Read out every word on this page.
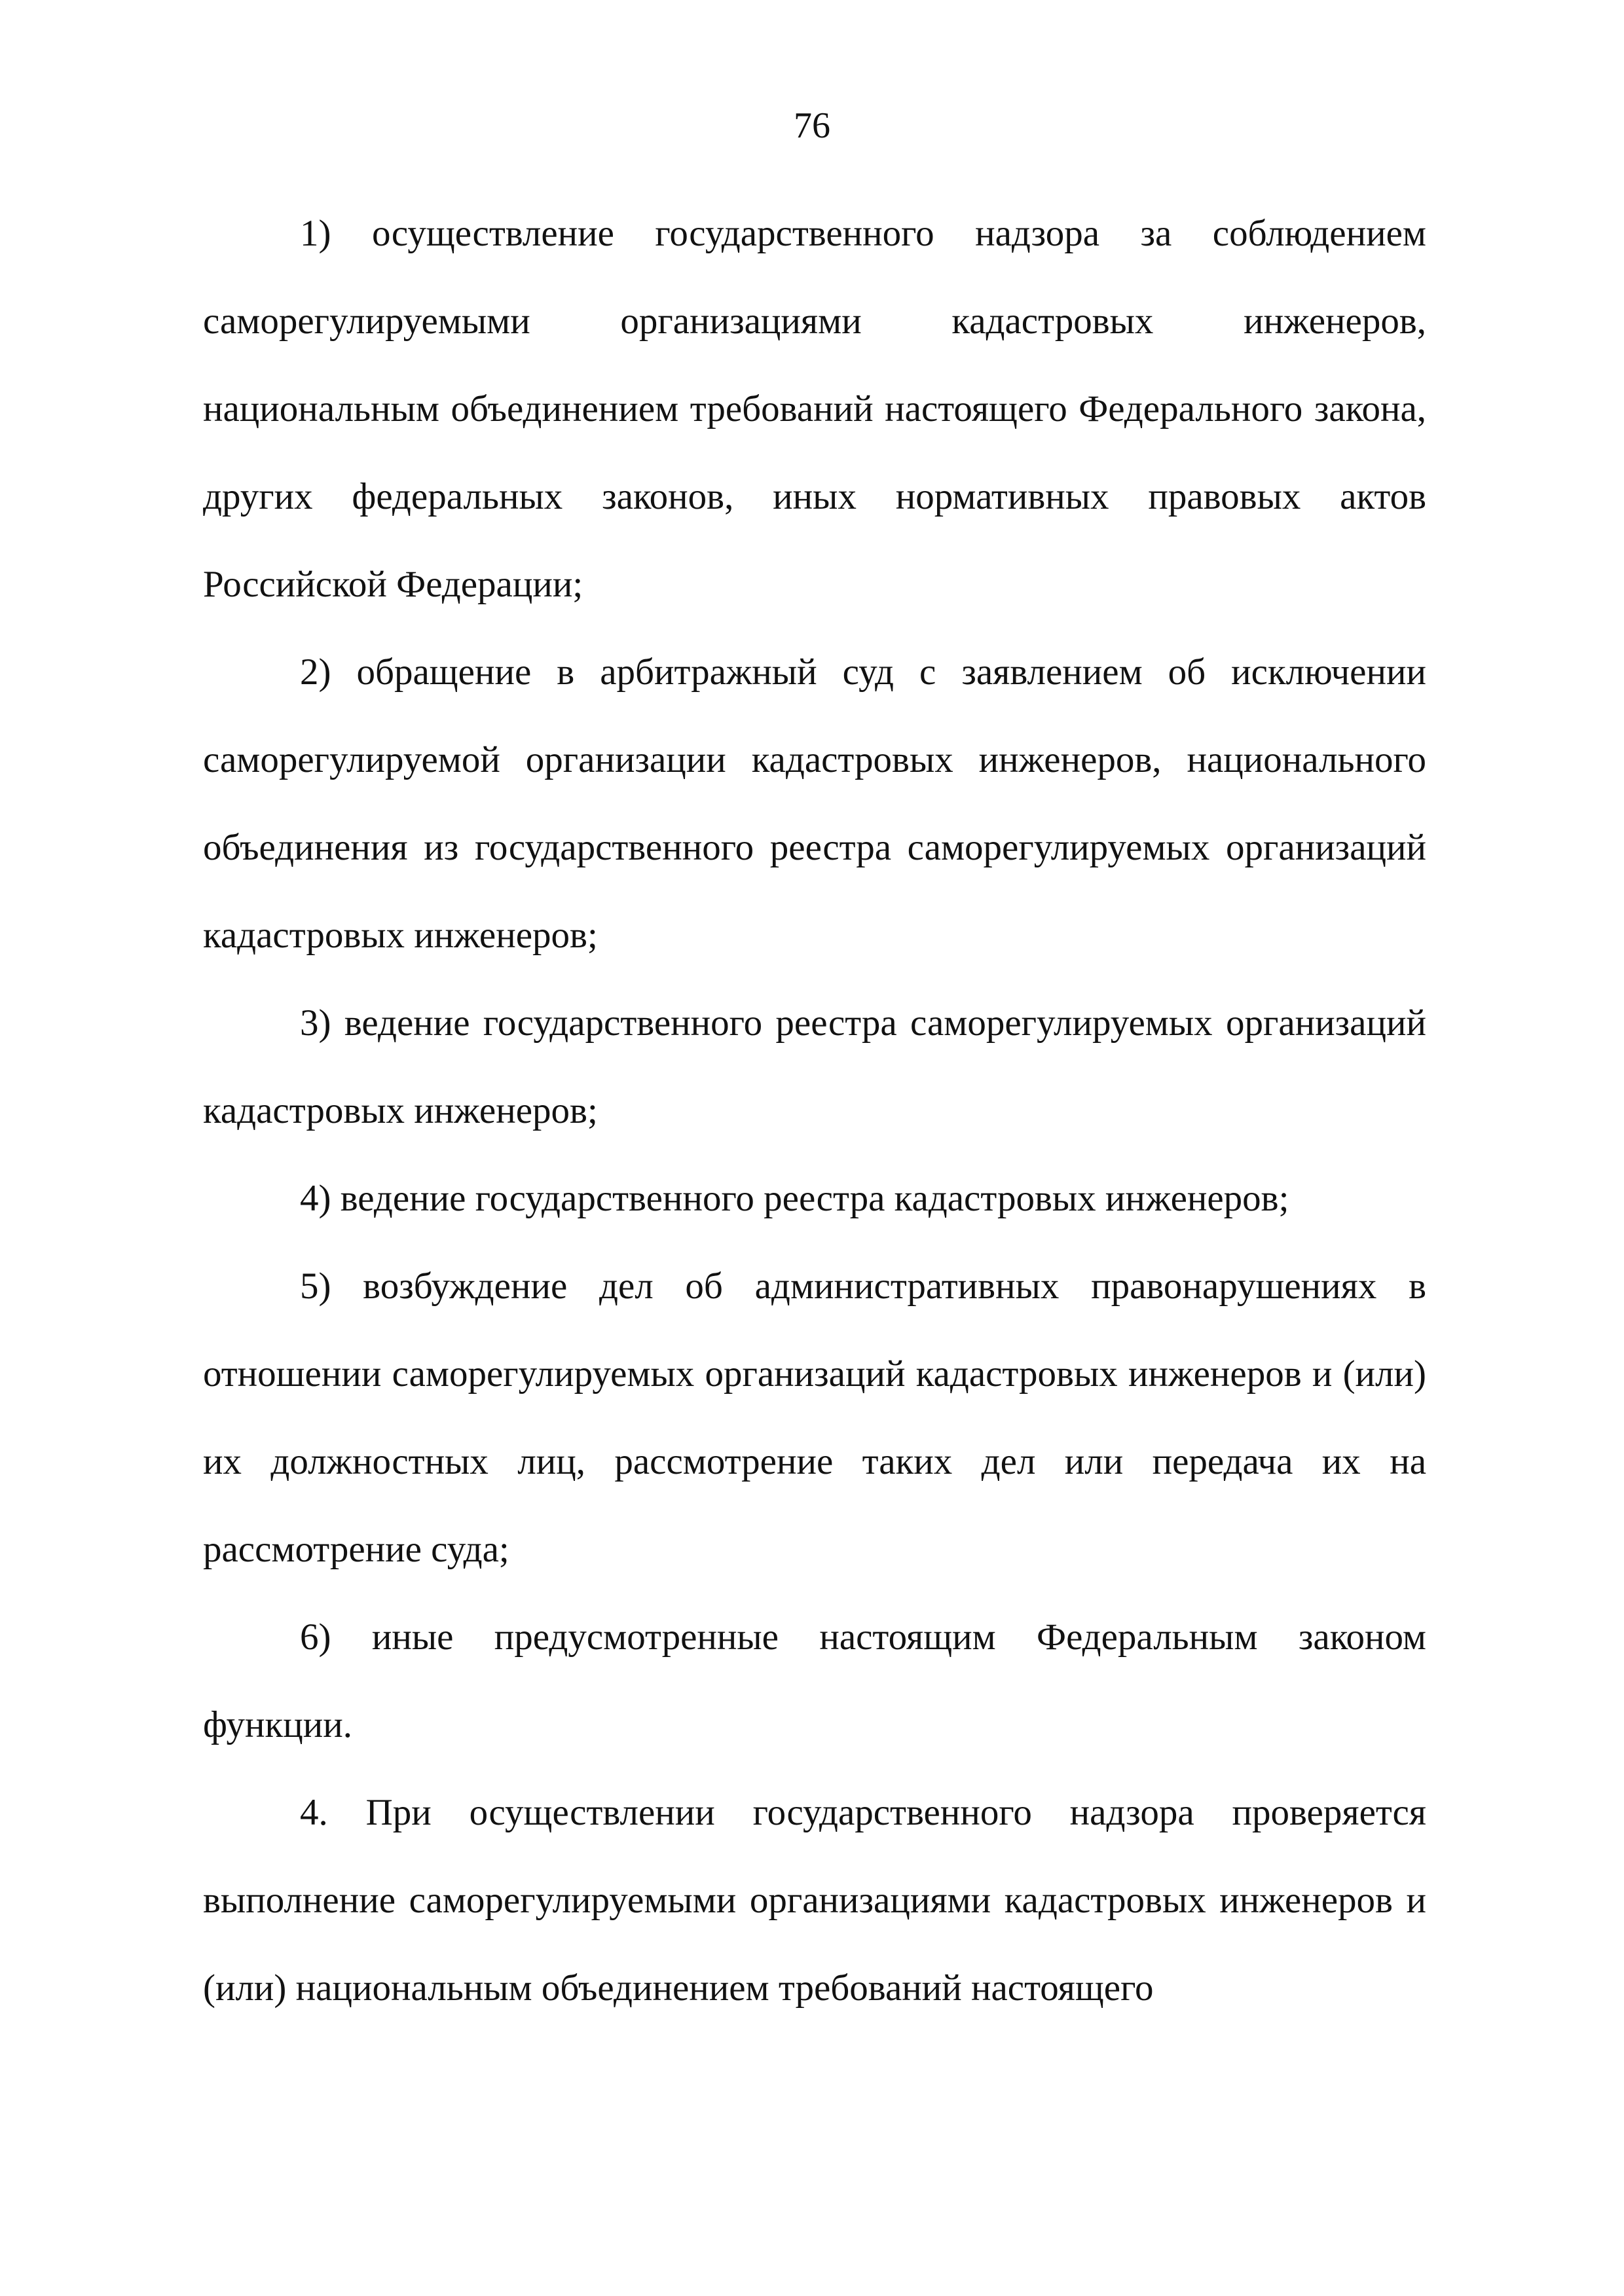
76

1) осуществление государственного надзора за соблюдением саморегулируемыми организациями кадастровых инженеров, национальным объединением требований настоящего Федерального закона, других федеральных законов, иных нормативных правовых актов Российской Федерации;

2) обращение в арбитражный суд с заявлением об исключении саморегулируемой организации кадастровых инженеров, национального объединения из государственного реестра саморегулируемых организаций кадастровых инженеров;

3) ведение государственного реестра саморегулируемых организаций кадастровых инженеров;

4) ведение государственного реестра кадастровых инженеров;

5) возбуждение дел об административных правонарушениях в отношении саморегулируемых организаций кадастровых инженеров и (или) их должностных лиц, рассмотрение таких дел или передача их на рассмотрение суда;

6) иные предусмотренные настоящим Федеральным законом функции.

4. При осуществлении государственного надзора проверяется выполнение саморегулируемыми организациями кадастровых инженеров и (или) национальным объединением требований настоящего
